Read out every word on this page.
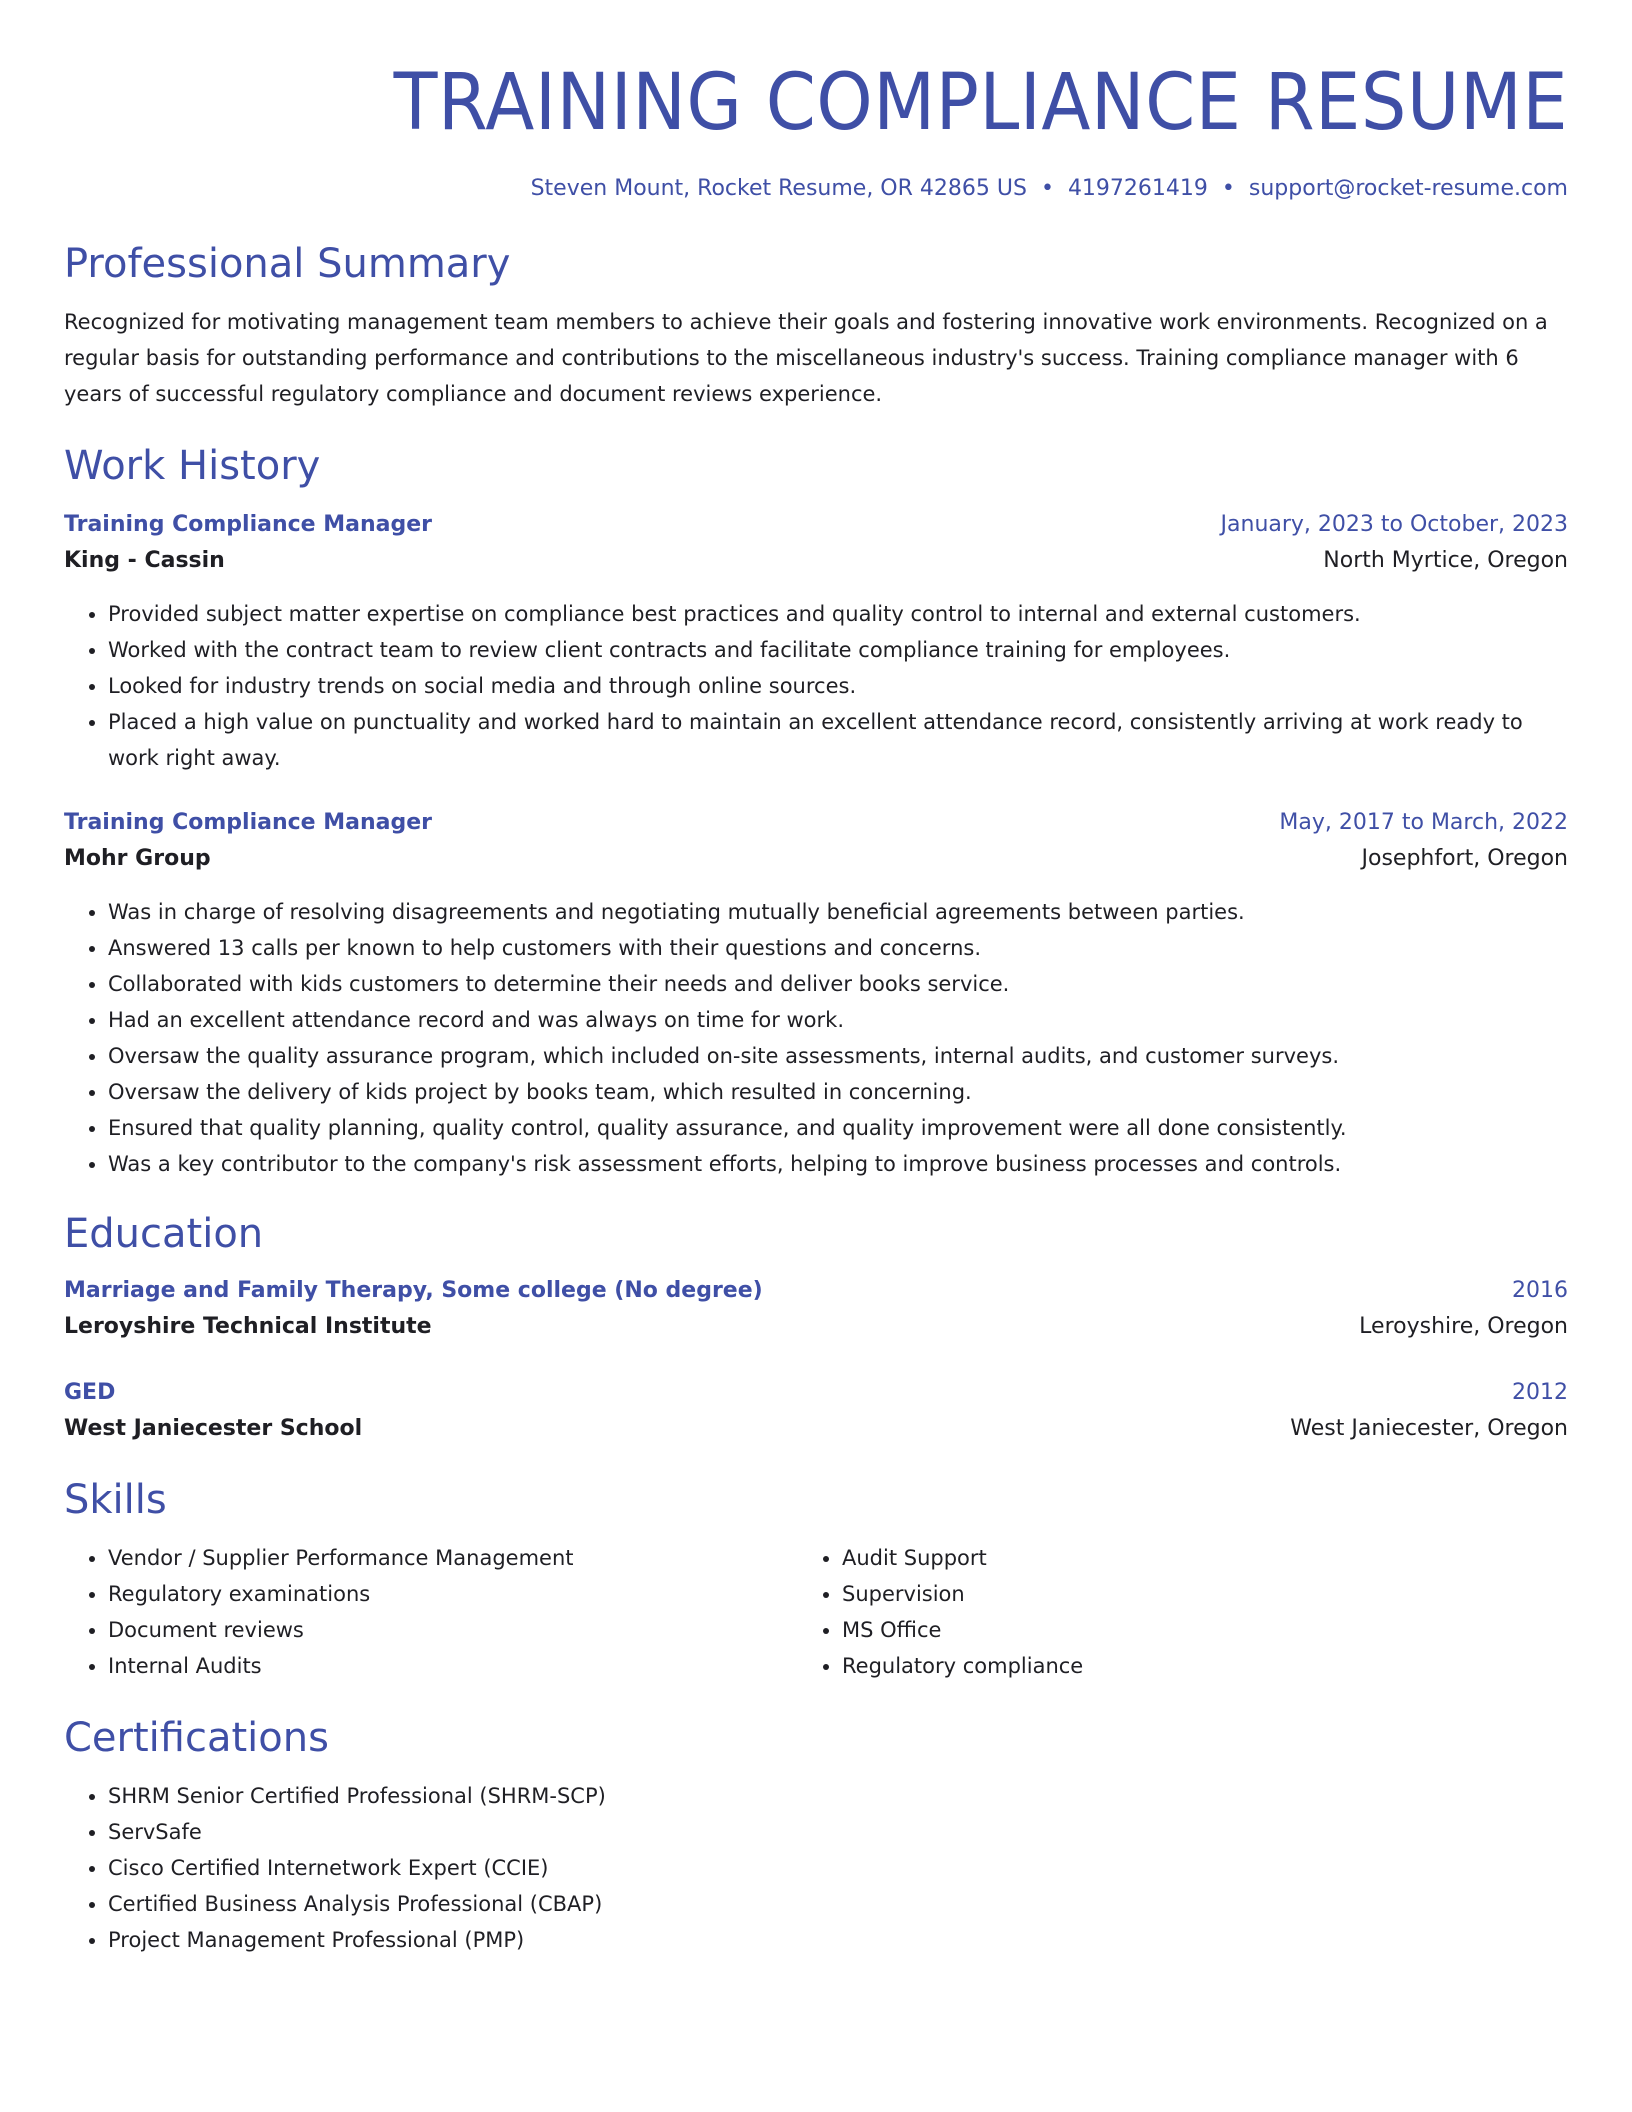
TRAINING COMPLIANCE RESUME
Steven Mount, Rocket Resume, OR 42865 US • 4197261419 • support@rocket-resume.com
Professional Summary

Recognized for motivating management team members to achieve their goals and fostering innovative work environments. Recognized on a regular basis for outstanding performance and contributions to the miscellaneous industry's success. Training compliance manager with 6 years of successful regulatory compliance and document reviews experience.

Work History
Training Compliance Manager	January, 2023 to October, 2023
King - Cassin	North Myrtice, Oregon
• Provided subject matter expertise on compliance best practices and quality control to internal and external customers.
• Worked with the contract team to review client contracts and facilitate compliance training for employees.
• Looked for industry trends on social media and through online sources.
• Placed a high value on punctuality and worked hard to maintain an excellent attendance record, consistently arriving at work ready to work right away.
Training Compliance Manager	May, 2017 to March, 2022
Mohr Group	Josephfort, Oregon
• Was in charge of resolving disagreements and negotiating mutually beneficial agreements between parties.
• Answered 13 calls per known to help customers with their questions and concerns.
• Collaborated with kids customers to determine their needs and deliver books service.
• Had an excellent attendance record and was always on time for work.
• Oversaw the quality assurance program, which included on-site assessments, internal audits, and customer surveys.
• Oversaw the delivery of kids project by books team, which resulted in concerning.
• Ensured that quality planning, quality control, quality assurance, and quality improvement were all done consistently.
• Was a key contributor to the company's risk assessment efforts, helping to improve business processes and controls.
Education
Marriage and Family Therapy, Some college (No degree)	2016
Leroyshire Technical Institute	Leroyshire, Oregon
GED	2012
West Janiecester School	West Janiecester, Oregon
Skills
• Vendor / Supplier Performance Management
• Regulatory examinations
• Document reviews
• Internal Audits
• Audit Support
• Supervision
• MS Office
• Regulatory compliance
Certifications
• SHRM Senior Certified Professional (SHRM-SCP)
• ServSafe
• Cisco Certified Internetwork Expert (CCIE)
• Certified Business Analysis Professional (CBAP)
• Project Management Professional (PMP)
